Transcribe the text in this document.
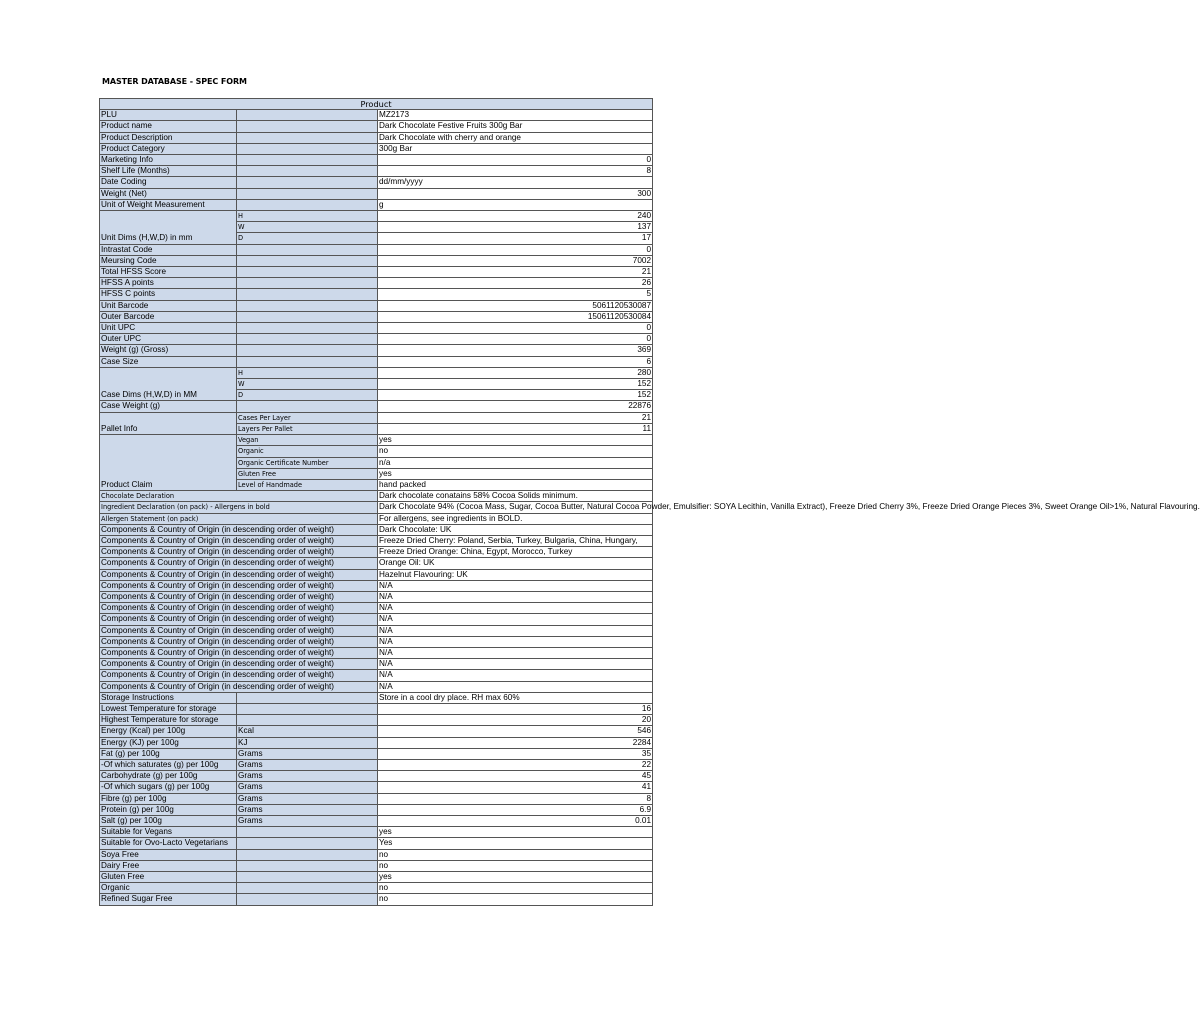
MASTER DATABASE - SPEC FORM
Product		
PLU		MZ2173
Product name		Dark Chocolate Festive Fruits 300g Bar
Product Description		Dark Chocolate with cherry and orange
Product Category		300g Bar
Marketing Info		0
Shelf Life (Months)		8
Date Coding		dd/mm/yyyy
Weight (Net)		300
Unit of Weight Measurement		g
Unit Dims (H,W,D) in mm	H	240
	W	137
	D	17
Intrastat Code		0
Meursing Code		7002
Total HFSS Score		21
HFSS A points		26
HFSS C points		5
Unit Barcode		5061120530087
Outer Barcode		15061120530084
Unit UPC		0
Outer UPC		0
Weight (g) (Gross)		369
Case Size		6
Case Dims (H,W,D) in MM	H	280
	W	152
	D	152
Case Weight (g)		22876
Pallet Info	Cases Per Layer	21
	Layers Per Pallet	11
Product Claim	Vegan	yes
	Organic	no
	Organic Certificate Number	n/a
	Gluten Free	yes
	Level of Handmade	hand packed
Chocolate Declaration		Dark chocolate conatains 58% Cocoa Solids minimum.
Ingredient Declaration (on pack) - Allergens in bold		Dark Chocolate 94% (Cocoa Mass, Sugar, Cocoa Butter, Natural Cocoa Powder, Emulsifier: SOYA Lecithin, Vanilla Extract), Freeze Dried Cherry 3%, Freeze Dried Orange Pieces 3%, Sweet Orange Oil>1%, Natural Flavouring.
Allergen Statement (on pack)		For allergens, see ingredients in BOLD.
Components & Country of Origin (in descending order of weight)		Dark Chocolate: UK
Components & Country of Origin (in descending order of weight)		Freeze Dried Cherry: Poland, Serbia, Turkey, Bulgaria, China, Hungary,
Components & Country of Origin (in descending order of weight)		Freeze Dried Orange: China, Egypt, Morocco, Turkey
Components & Country of Origin (in descending order of weight)		Orange Oil: UK
Components & Country of Origin (in descending order of weight)		Hazelnut Flavouring: UK
Components & Country of Origin (in descending order of weight)		N/A
Components & Country of Origin (in descending order of weight)		N/A
Components & Country of Origin (in descending order of weight)		N/A
Components & Country of Origin (in descending order of weight)		N/A
Components & Country of Origin (in descending order of weight)		N/A
Components & Country of Origin (in descending order of weight)		N/A
Components & Country of Origin (in descending order of weight)		N/A
Components & Country of Origin (in descending order of weight)		N/A
Components & Country of Origin (in descending order of weight)		N/A
Components & Country of Origin (in descending order of weight)		N/A
Storage Instructions		Store in a cool dry place. RH max 60%
Lowest Temperature for storage		16
Highest Temperature for storage		20
Energy (Kcal) per 100g	Kcal	546
Energy (KJ) per 100g	KJ	2284
Fat (g) per 100g	Grams	35
-Of which saturates (g) per 100g	Grams	22
Carbohydrate (g) per 100g	Grams	45
-Of which sugars (g) per 100g	Grams	41
Fibre (g) per 100g	Grams	8
Protein (g) per 100g	Grams	6.9
Salt (g) per 100g	Grams	0.01
Suitable for Vegans		yes
Suitable for Ovo-Lacto Vegetarians		Yes
Soya Free		no
Dairy Free		no
Gluten Free		yes
Organic		no
Refined Sugar Free		no
